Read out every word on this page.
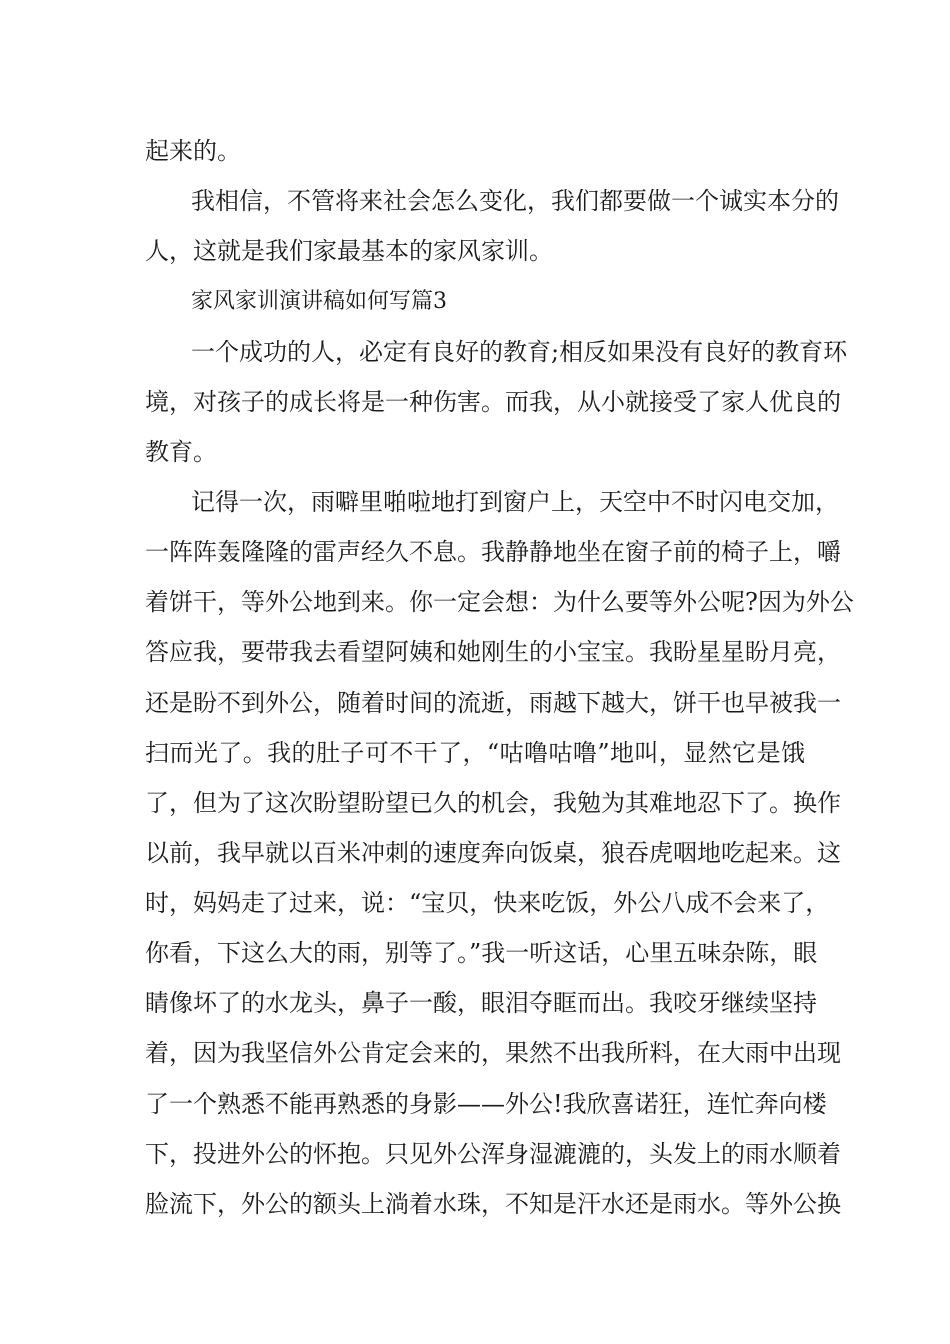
起来的。
我相信，不管将来社会怎么变化，我们都要做一个诚实本分的
人，这就是我们家最基本的家风家训。
家风家训演讲稿如何写篇3
一个成功的人，必定有良好的教育;相反如果没有良好的教育环
境，对孩子的成长将是一种伤害。而我，从小就接受了家人优良的
教育。
记得一次，雨噼里啪啦地打到窗户上，天空中不时闪电交加，
一阵阵轰隆隆的雷声经久不息。我静静地坐在窗子前的椅子上，嚼
着饼干，等外公地到来。你一定会想：为什么要等外公呢?因为外公
答应我，要带我去看望阿姨和她刚生的小宝宝。我盼星星盼月亮，
还是盼不到外公，随着时间的流逝，雨越下越大，饼干也早被我一
扫而光了。我的肚子可不干了，“咕噜咕噜”地叫，显然它是饿
了，但为了这次盼望盼望已久的机会，我勉为其难地忍下了。换作
以前，我早就以百米冲刺的速度奔向饭桌，狼吞虎咽地吃起来。这
时，妈妈走了过来，说：“宝贝，快来吃饭，外公八成不会来了，
你看，下这么大的雨，别等了。”我一听这话，心里五味杂陈，眼
睛像坏了的水龙头，鼻子一酸，眼泪夺眶而出。我咬牙继续坚持
着，因为我坚信外公肯定会来的，果然不出我所料，在大雨中出现
了一个熟悉不能再熟悉的身影——外公!我欣喜诺狂，连忙奔向楼
下，投进外公的怀抱。只见外公浑身湿漉漉的，头发上的雨水顺着
脸流下，外公的额头上淌着水珠，不知是汗水还是雨水。等外公换
